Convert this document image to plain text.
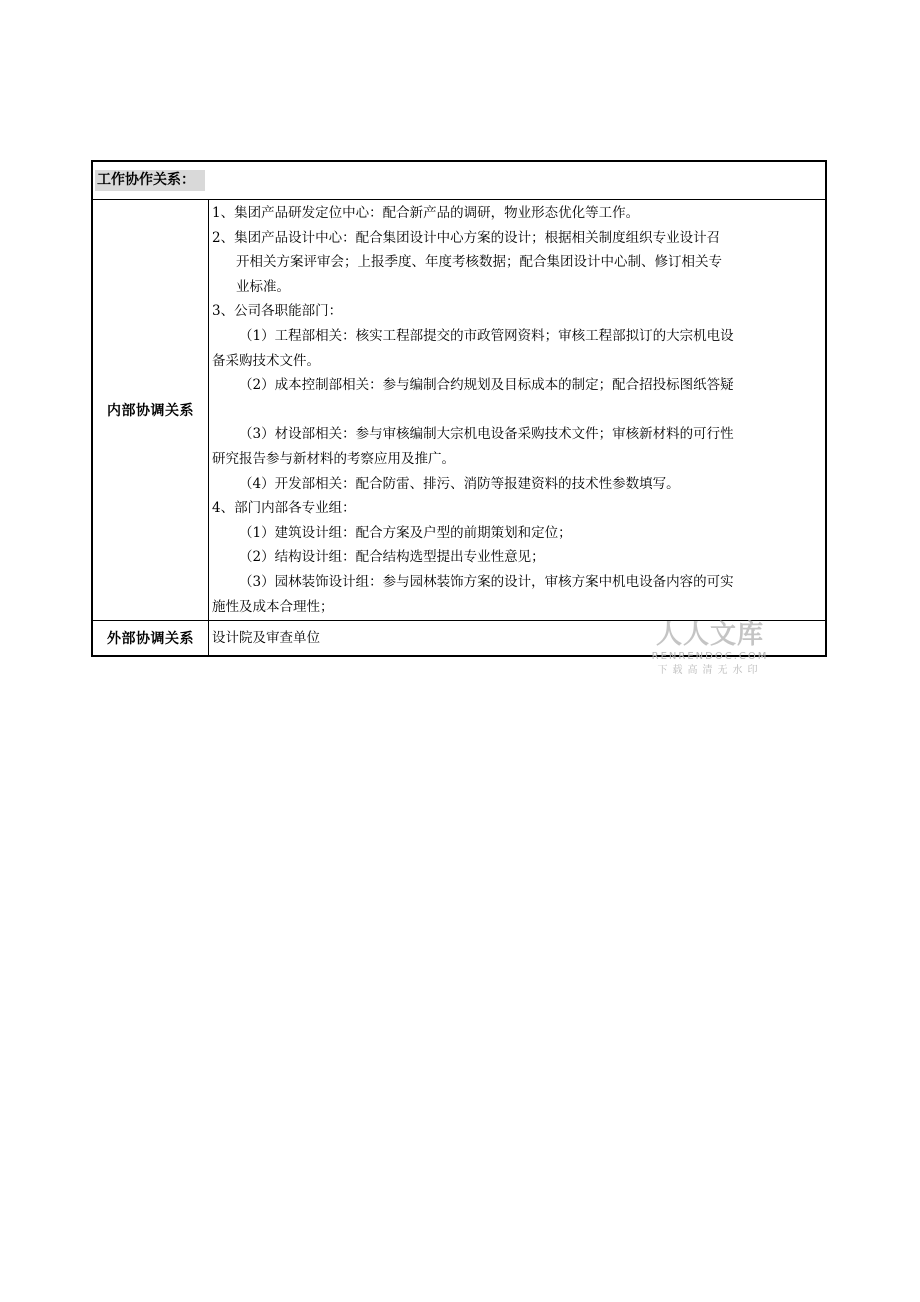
工作协作关系：
内部协调关系
1、集团产品研发定位中心：配合新产品的调研，物业形态优化等工作。
2、集团产品设计中心：配合集团设计中心方案的设计；根据相关制度组织专业设计召
开相关方案评审会；上报季度、年度考核数据；配合集团设计中心制、修订相关专
业标准。
3、公司各职能部门：
（1）工程部相关：核实工程部提交的市政管网资料；审核工程部拟订的大宗机电设
备采购技术文件。
（2）成本控制部相关：参与编制合约规划及目标成本的制定；配合招投标图纸答疑
（3）材设部相关：参与审核编制大宗机电设备采购技术文件；审核新材料的可行性
研究报告参与新材料的考察应用及推广。
（4）开发部相关：配合防雷、排污、消防等报建资料的技术性参数填写。
4、部门内部各专业组：
（1）建筑设计组：配合方案及户型的前期策划和定位；
（2）结构设计组：配合结构选型提出专业性意见；
（3）园林装饰设计组：参与园林装饰方案的设计，审核方案中机电设备内容的可实
施性及成本合理性；
外部协调关系	设计院及审查单位	人人文库
RENRENDOC.COM
下载高清无水印
